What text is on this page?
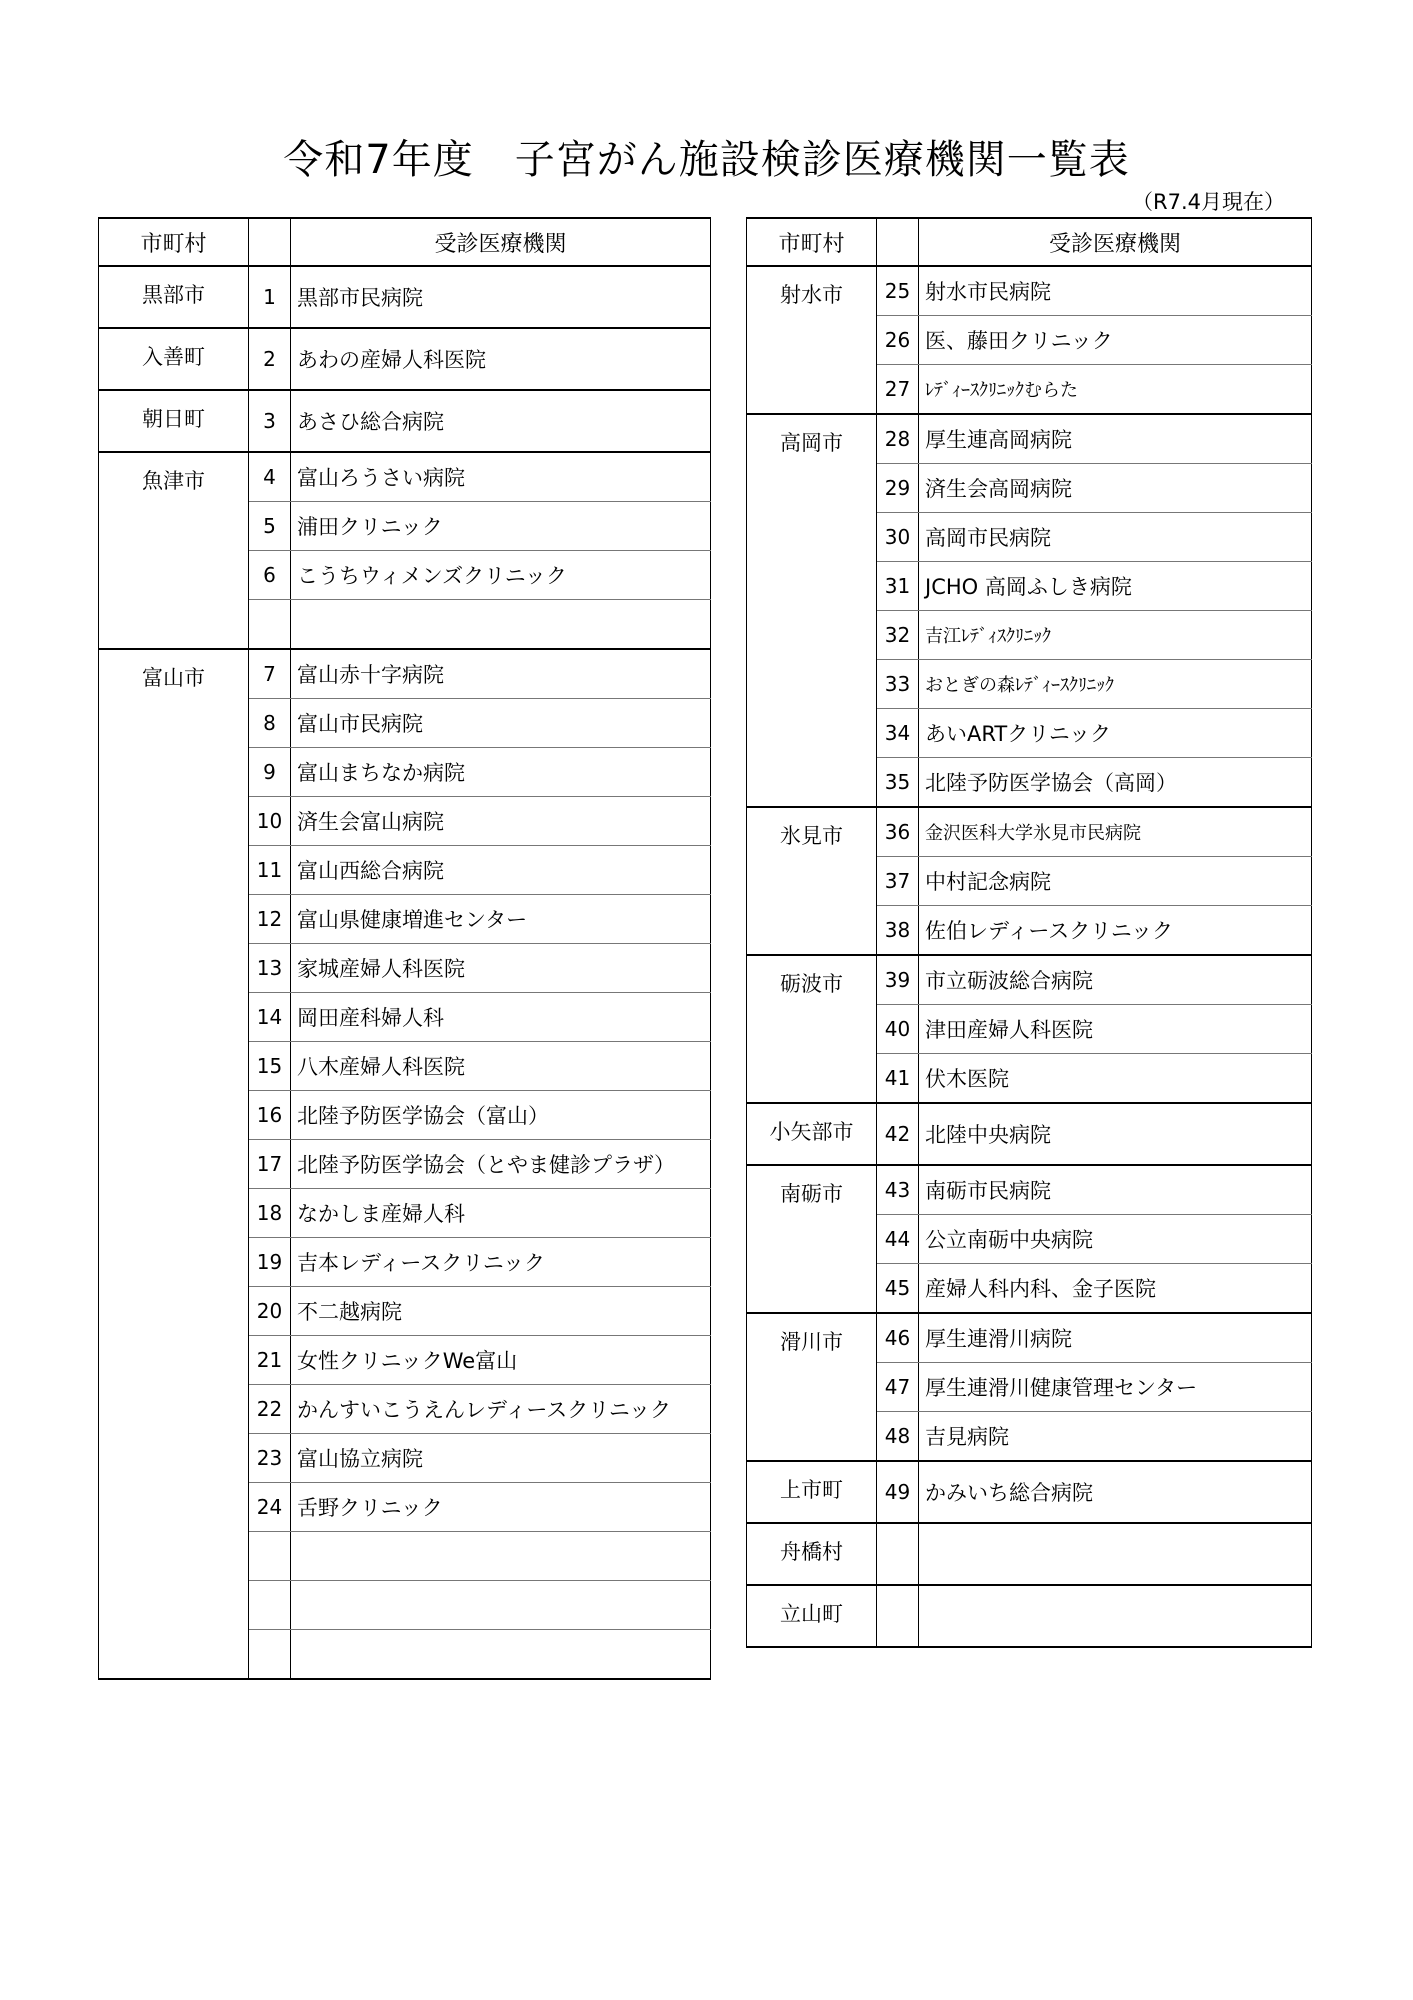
令和7年度　子宮がん施設検診医療機関一覧表
（R7.4月現在）
市町村		受診医療機関
黒部市	1	黒部市民病院
入善町	2	あわの産婦人科医院
朝日町	3	あさひ総合病院
魚津市	4	富山ろうさい病院
	5	浦田クリニック
	6	こうちウィメンズクリニック

富山市	7	富山赤十字病院
	8	富山市民病院
	9	富山まちなか病院
	10	済生会富山病院
	11	富山西総合病院
	12	富山県健康増進センター
	13	家城産婦人科医院
	14	岡田産科婦人科
	15	八木産婦人科医院
	16	北陸予防医学協会（富山）
	17	北陸予防医学協会（とやま健診プラザ）
	18	なかしま産婦人科
	19	吉本レディースクリニック
	20	不二越病院
	21	女性クリニックWe富山
	22	かんすいこうえんレディースクリニック
	23	富山協立病院
	24	舌野クリニック

市町村		受診医療機関
射水市	25	射水市民病院
	26	医、藤田クリニック
	27	ﾚﾃﾞｨｰｽｸﾘﾆｯｸむらた
高岡市	28	厚生連高岡病院
	29	済生会高岡病院
	30	高岡市民病院
	31	JCHO 高岡ふしき病院
	32	吉江ﾚﾃﾞｨｽｸﾘﾆｯｸ
	33	おとぎの森ﾚﾃﾞｨｰｽｸﾘﾆｯｸ
	34	あいARTクリニック
	35	北陸予防医学協会（高岡）
氷見市	36	金沢医科大学氷見市民病院
	37	中村記念病院
	38	佐伯レディースクリニック
砺波市	39	市立砺波総合病院
	40	津田産婦人科医院
	41	伏木医院
小矢部市	42	北陸中央病院
南砺市	43	南砺市民病院
	44	公立南砺中央病院
	45	産婦人科内科、金子医院
滑川市	46	厚生連滑川病院
	47	厚生連滑川健康管理センター
	48	吉見病院
上市町	49	かみいち総合病院
舟橋村		
立山町		
